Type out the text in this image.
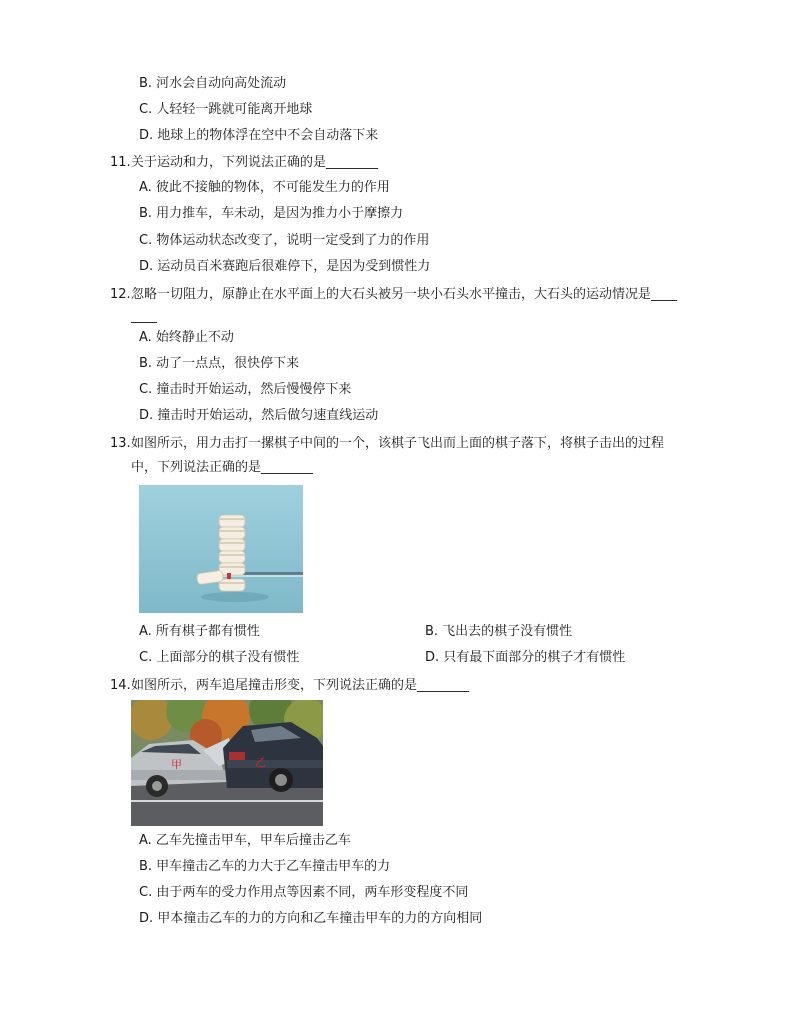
B. 河水会自动向高处流动
C. 人轻轻一跳就可能离开地球
D. 地球上的物体浮在空中不会自动落下来
11. 关于运动和力，下列说法正确的是________
A. 彼此不接触的物体，不可能发生力的作用
B. 用力推车，车未动，是因为推力小于摩擦力
C. 物体运动状态改变了，说明一定受到了力的作用
D. 运动员百米赛跑后很难停下，是因为受到惯性力
12. 忽略一切阻力，原静止在水平面上的大石头被另一块小石头水平撞击，大石头的运动情况是____
____
A. 始终静止不动
B. 动了一点点，很快停下来
C. 撞击时开始运动，然后慢慢停下来
D. 撞击时开始运动，然后做匀速直线运动
13. 如图所示，用力击打一摞棋子中间的一个，该棋子飞出而上面的棋子落下，将棋子击出的过程
中，下列说法正确的是________
A. 所有棋子都有惯性	B. 飞出去的棋子没有惯性
C. 上面部分的棋子没有惯性	D. 只有最下面部分的棋子才有惯性
14. 如图所示，两车追尾撞击形变，下列说法正确的是________
甲	乙
A. 乙车先撞击甲车，甲车后撞击乙车
B. 甲车撞击乙车的力大于乙车撞击甲车的力
C. 由于两车的受力作用点等因素不同，两车形变程度不同
D. 甲本撞击乙车的力的方向和乙车撞击甲车的力的方向相同
